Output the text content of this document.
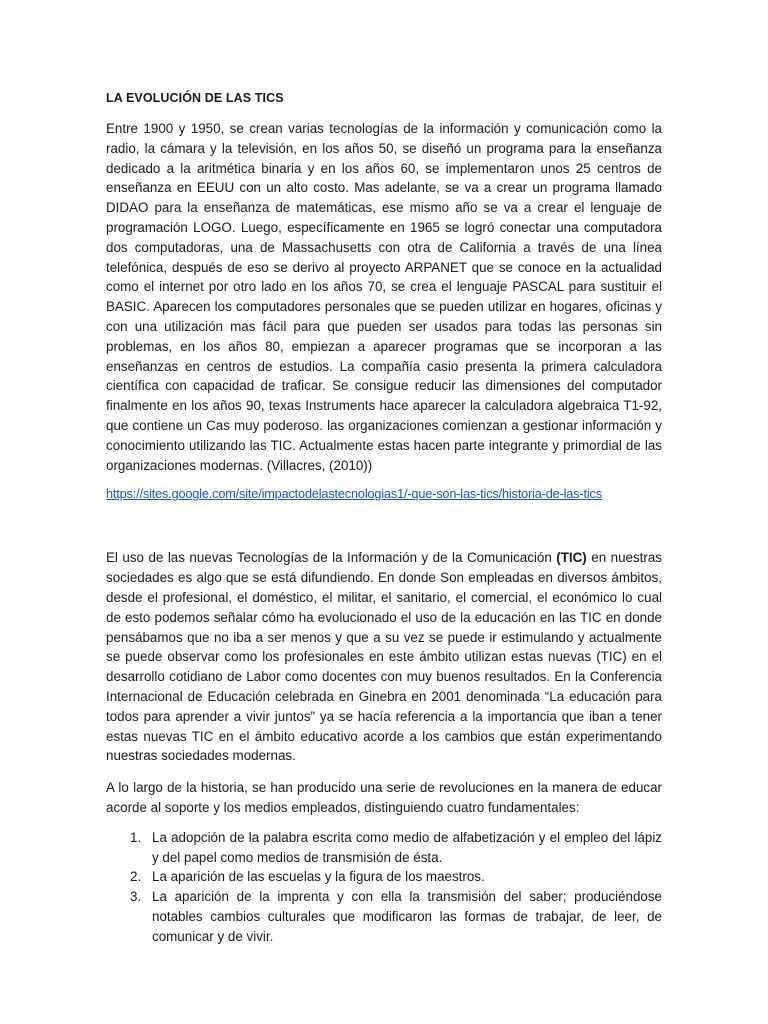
LA EVOLUCIÓN DE LAS TICS

Entre 1900 y 1950, se crean varias tecnologías de la información y comunicación como la radio, la cámara y la televisión, en los años 50, se diseñó un programa para la enseñanza dedicado a la aritmética binaria y en los años 60, se implementaron unos 25 centros de enseñanza en EEUU con un alto costo. Mas adelante, se va a crear un programa llamado DIDAO para la enseñanza de matemáticas, ese mismo año se va a crear el lenguaje de programación LOGO. Luego, específicamente en 1965 se logró conectar una computadora dos computadoras, una de Massachusetts con otra de California a través de una línea telefónica, después de eso se derivo al proyecto ARPANET que se conoce en la actualidad como el internet por otro lado en los años 70, se crea el lenguaje PASCAL para sustituir el BASIC. Aparecen los computadores personales que se pueden utilizar en hogares, oficinas y con una utilización mas fácil para que pueden ser usados para todas las personas sin problemas, en los años 80, empiezan a aparecer programas que se incorporan a las enseñanzas en centros de estudios. La compañía casio presenta la primera calculadora científica con capacidad de traficar. Se consigue reducir las dimensiones del computador finalmente en los años 90, texas Instruments hace aparecer la calculadora algebraica T1-92, que contiene un Cas muy poderoso. las organizaciones comienzan a gestionar información y conocimiento utilizando las TIC. Actualmente estas hacen parte integrante y primordial de las organizaciones modernas. (Villacres, (2010))

https://sites.google.com/site/impactodelastecnologias1/-que-son-las-tics/historia-de-las-tics

El uso de las nuevas Tecnologías de la Información y de la Comunicación (TIC) en nuestras sociedades es algo que se está difundiendo. En donde Son empleadas en diversos ámbitos, desde el profesional, el doméstico, el militar, el sanitario, el comercial, el económico lo cual de esto podemos señalar cómo ha evolucionado el uso de la educación en las TIC en donde pensábamos que no iba a ser menos y que a su vez se puede ir estimulando y actualmente se puede observar como los profesionales en este ámbito utilizan estas nuevas (TIC) en el desarrollo cotidiano de Labor como docentes con muy buenos resultados. En la Conferencia Internacional de Educación celebrada en Ginebra en 2001 denominada “La educación para todos para aprender a vivir juntos” ya se hacía referencia a la importancia que iban a tener estas nuevas TIC en el ámbito educativo acorde a los cambios que están experimentando nuestras sociedades modernas.

A lo largo de la historia, se han producido una serie de revoluciones en la manera de educar acorde al soporte y los medios empleados, distinguiendo cuatro fundamentales:

1. La adopción de la palabra escrita como medio de alfabetización y el empleo del lápiz y del papel como medios de transmisión de ésta.
2. La aparición de las escuelas y la figura de los maestros.
3. La aparición de la imprenta y con ella la transmisión del saber; produciéndose notables cambios culturales que modificaron las formas de trabajar, de leer, de comunicar y de vivir.
